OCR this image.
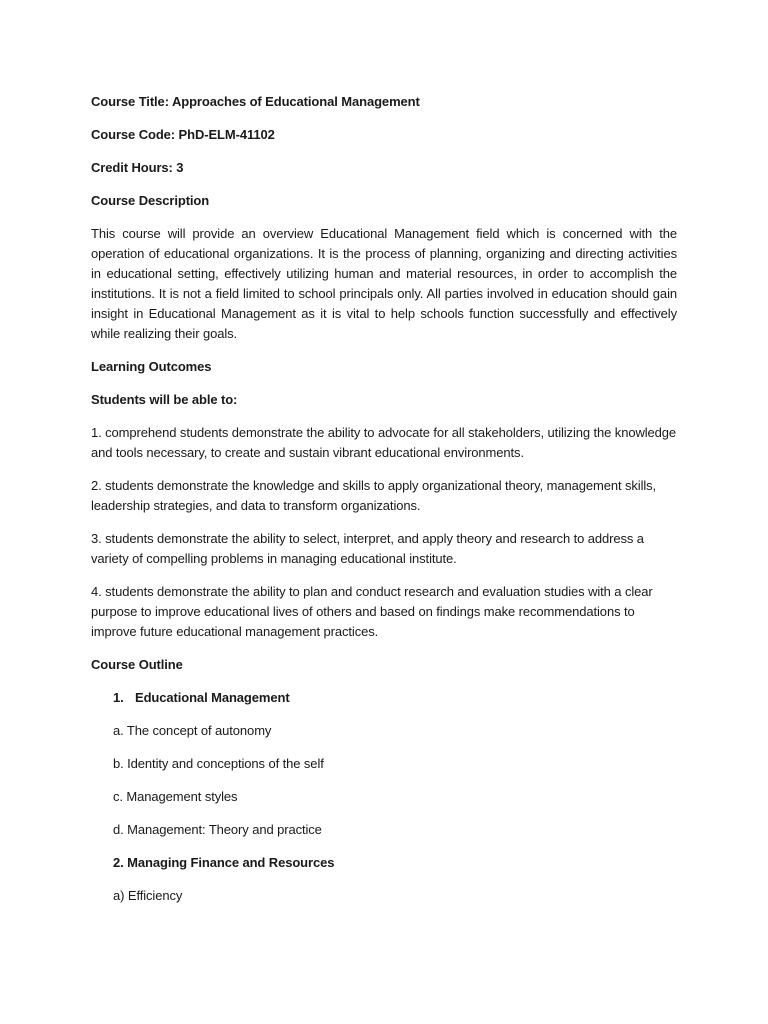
Course Title: Approaches of Educational Management
Course Code: PhD-ELM-41102
Credit Hours: 3
Course Description

This course will provide an overview Educational Management field which is concerned with the operation of educational organizations. It is the process of planning, organizing and directing activities in educational setting, effectively utilizing human and material resources, in order to accomplish the institutions. It is not a field limited to school principals only. All parties involved in education should gain insight in Educational Management as it is vital to help schools function successfully and effectively while realizing their goals.

Learning Outcomes
Students will be able to:

1. comprehend students demonstrate the ability to advocate for all stakeholders, utilizing the knowledge and tools necessary, to create and sustain vibrant educational environments.

2. students demonstrate the knowledge and skills to apply organizational theory, management skills, leadership strategies, and data to transform organizations.

3. students demonstrate the ability to select, interpret, and apply theory and research to address a variety of compelling problems in managing educational institute.

4. students demonstrate the ability to plan and conduct research and evaluation studies with a clear purpose to improve educational lives of others and based on findings make recommendations to improve future educational management practices.

Course Outline
1. Educational Management
a. The concept of autonomy
b. Identity and conceptions of the self
c. Management styles
d. Management: Theory and practice
2. Managing Finance and Resources
a) Efficiency
